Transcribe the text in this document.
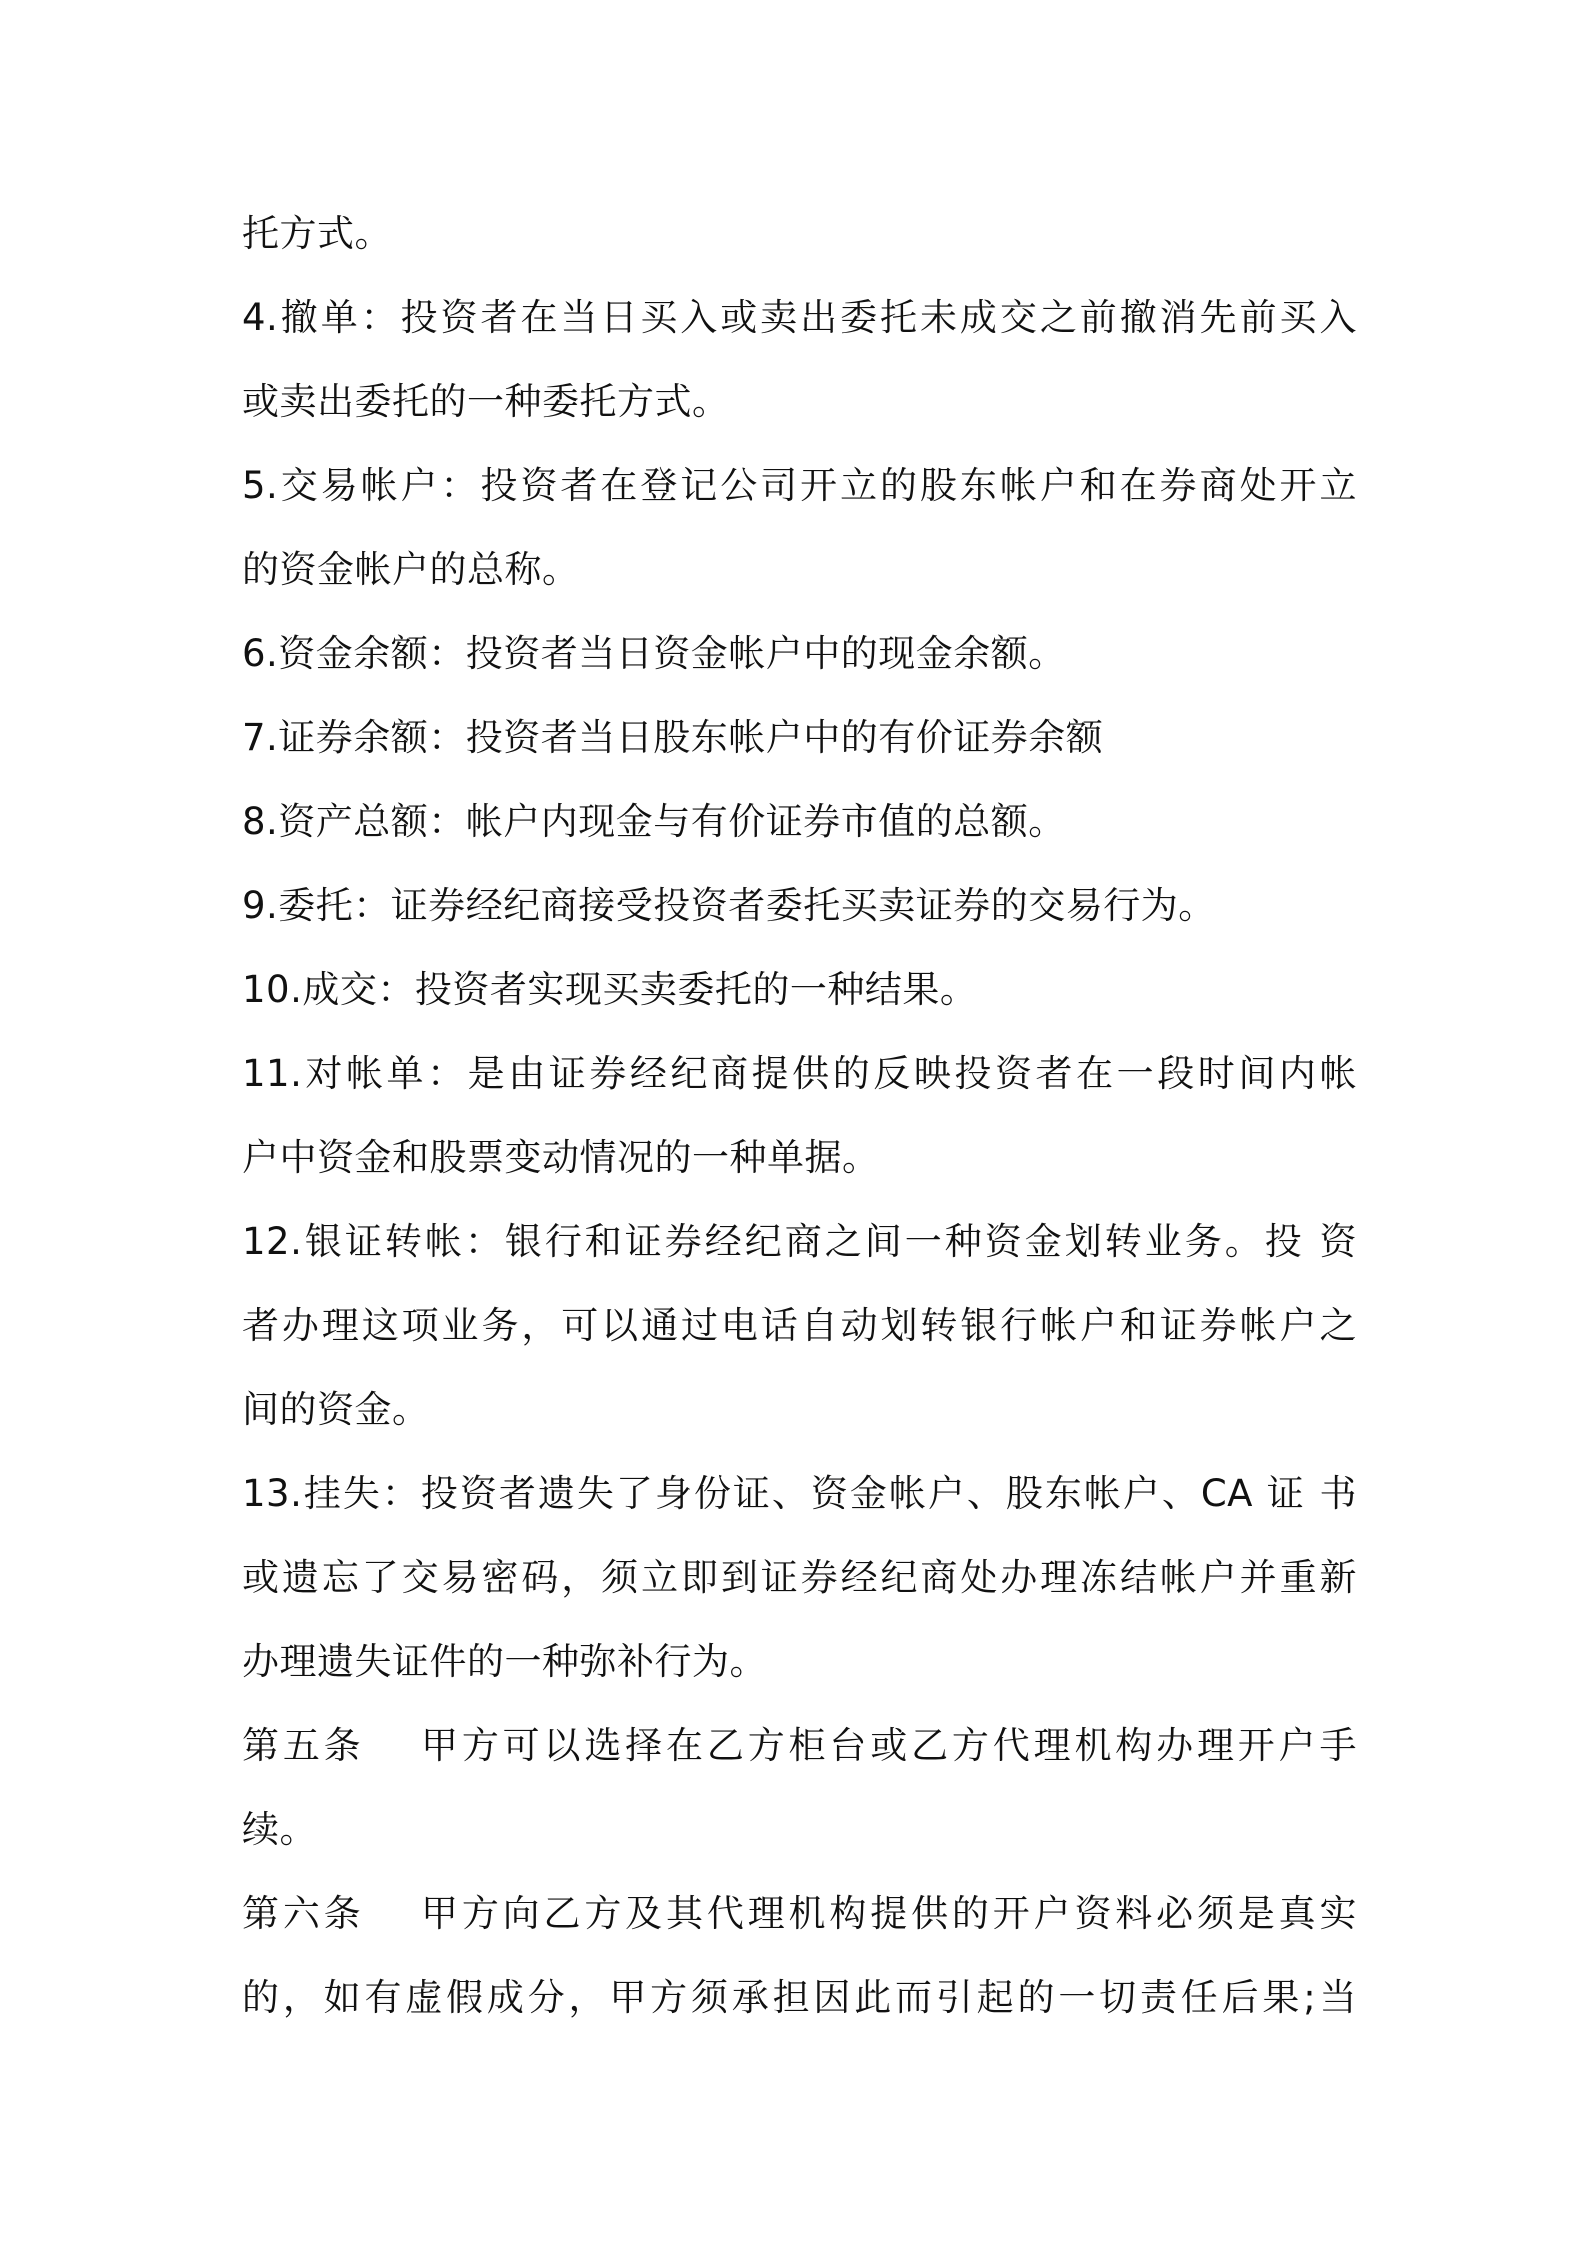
托方式。
4.撤单：投资者在当日买入或卖出委托未成交之前撤消先前买入
或卖出委托的一种委托方式。
5.交易帐户：投资者在登记公司开立的股东帐户和在券商处开立
的资金帐户的总称。
6.资金余额：投资者当日资金帐户中的现金余额。
7.证券余额：投资者当日股东帐户中的有价证券余额
8.资产总额：帐户内现金与有价证券市值的总额。
9.委托：证券经纪商接受投资者委托买卖证券的交易行为。
10.成交：投资者实现买卖委托的一种结果。
11.对帐单：是由证券经纪商提供的反映投资者在一段时间内帐
户中资金和股票变动情况的一种单据。
12.银证转帐：银行和证券经纪商之间一种资金划转业务。投 资
者办理这项业务，可以通过电话自动划转银行帐户和证券帐户之
间的资金。
13.挂失：投资者遗失了身份证、资金帐户、股东帐户、CA 证 书
或遗忘了交易密码，须立即到证券经纪商处办理冻结帐户并重新
办理遗失证件的一种弥补行为。
第五条　 甲方可以选择在乙方柜台或乙方代理机构办理开户手
续。
第六条　 甲方向乙方及其代理机构提供的开户资料必须是真实
的，如有虚假成分，甲方须承担因此而引起的一切责任后果;当
